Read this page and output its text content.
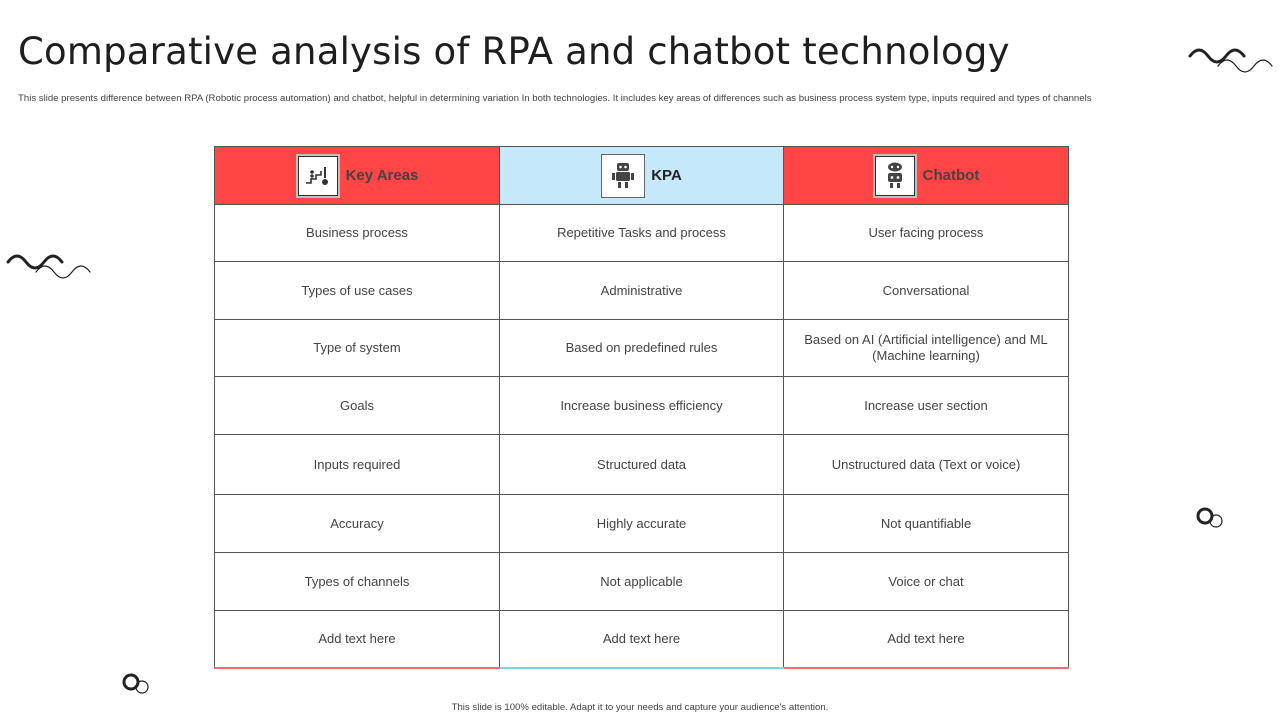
Comparative analysis of RPA and chatbot technology
This slide presents difference between RPA (Robotic process automation) and chatbot, helpful in determining variation In both technologies. It includes key areas of differences such as business process system type, inputs required and types of channels
Key Areas	KPA	Chatbot

Business process	Repetitive Tasks and process	User facing process
Types of use cases	Administrative	Conversational
Type of system	Based on predefined rules	Based on AI (Artificial intelligence) and ML (Machine learning)
Goals	Increase business efficiency	Increase user section
Inputs required	Structured data	Unstructured data (Text or voice)
Accuracy	Highly accurate	Not quantifiable
Types of channels	Not applicable	Voice or chat
Add text here	Add text here	Add text here
This slide is 100% editable. Adapt it to your needs and capture your audience's attention.
